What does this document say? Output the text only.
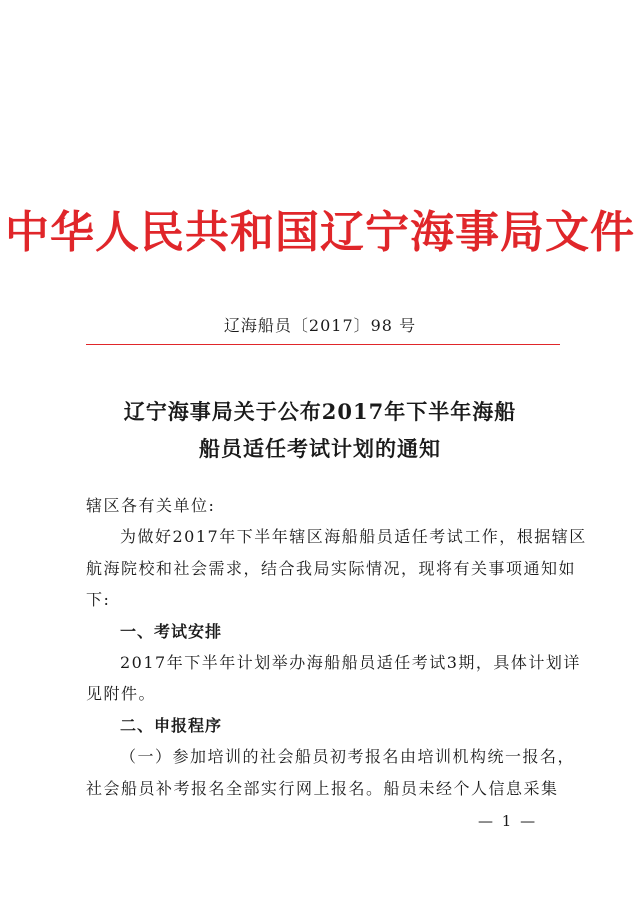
中华人民共和国辽宁海事局文件
辽海船员〔2017〕98 号
辽宁海事局关于公布2017年下半年海船
船员适任考试计划的通知
辖区各有关单位:
为做好2017年下半年辖区海船船员适任考试工作，根据辖区
航海院校和社会需求，结合我局实际情况，现将有关事项通知如
下:
一、考试安排
2017年下半年计划举办海船船员适任考试3期，具体计划详
见附件。
二、申报程序
（一）参加培训的社会船员初考报名由培训机构统一报名，
社会船员补考报名全部实行网上报名。船员未经个人信息采集
— 1 —
